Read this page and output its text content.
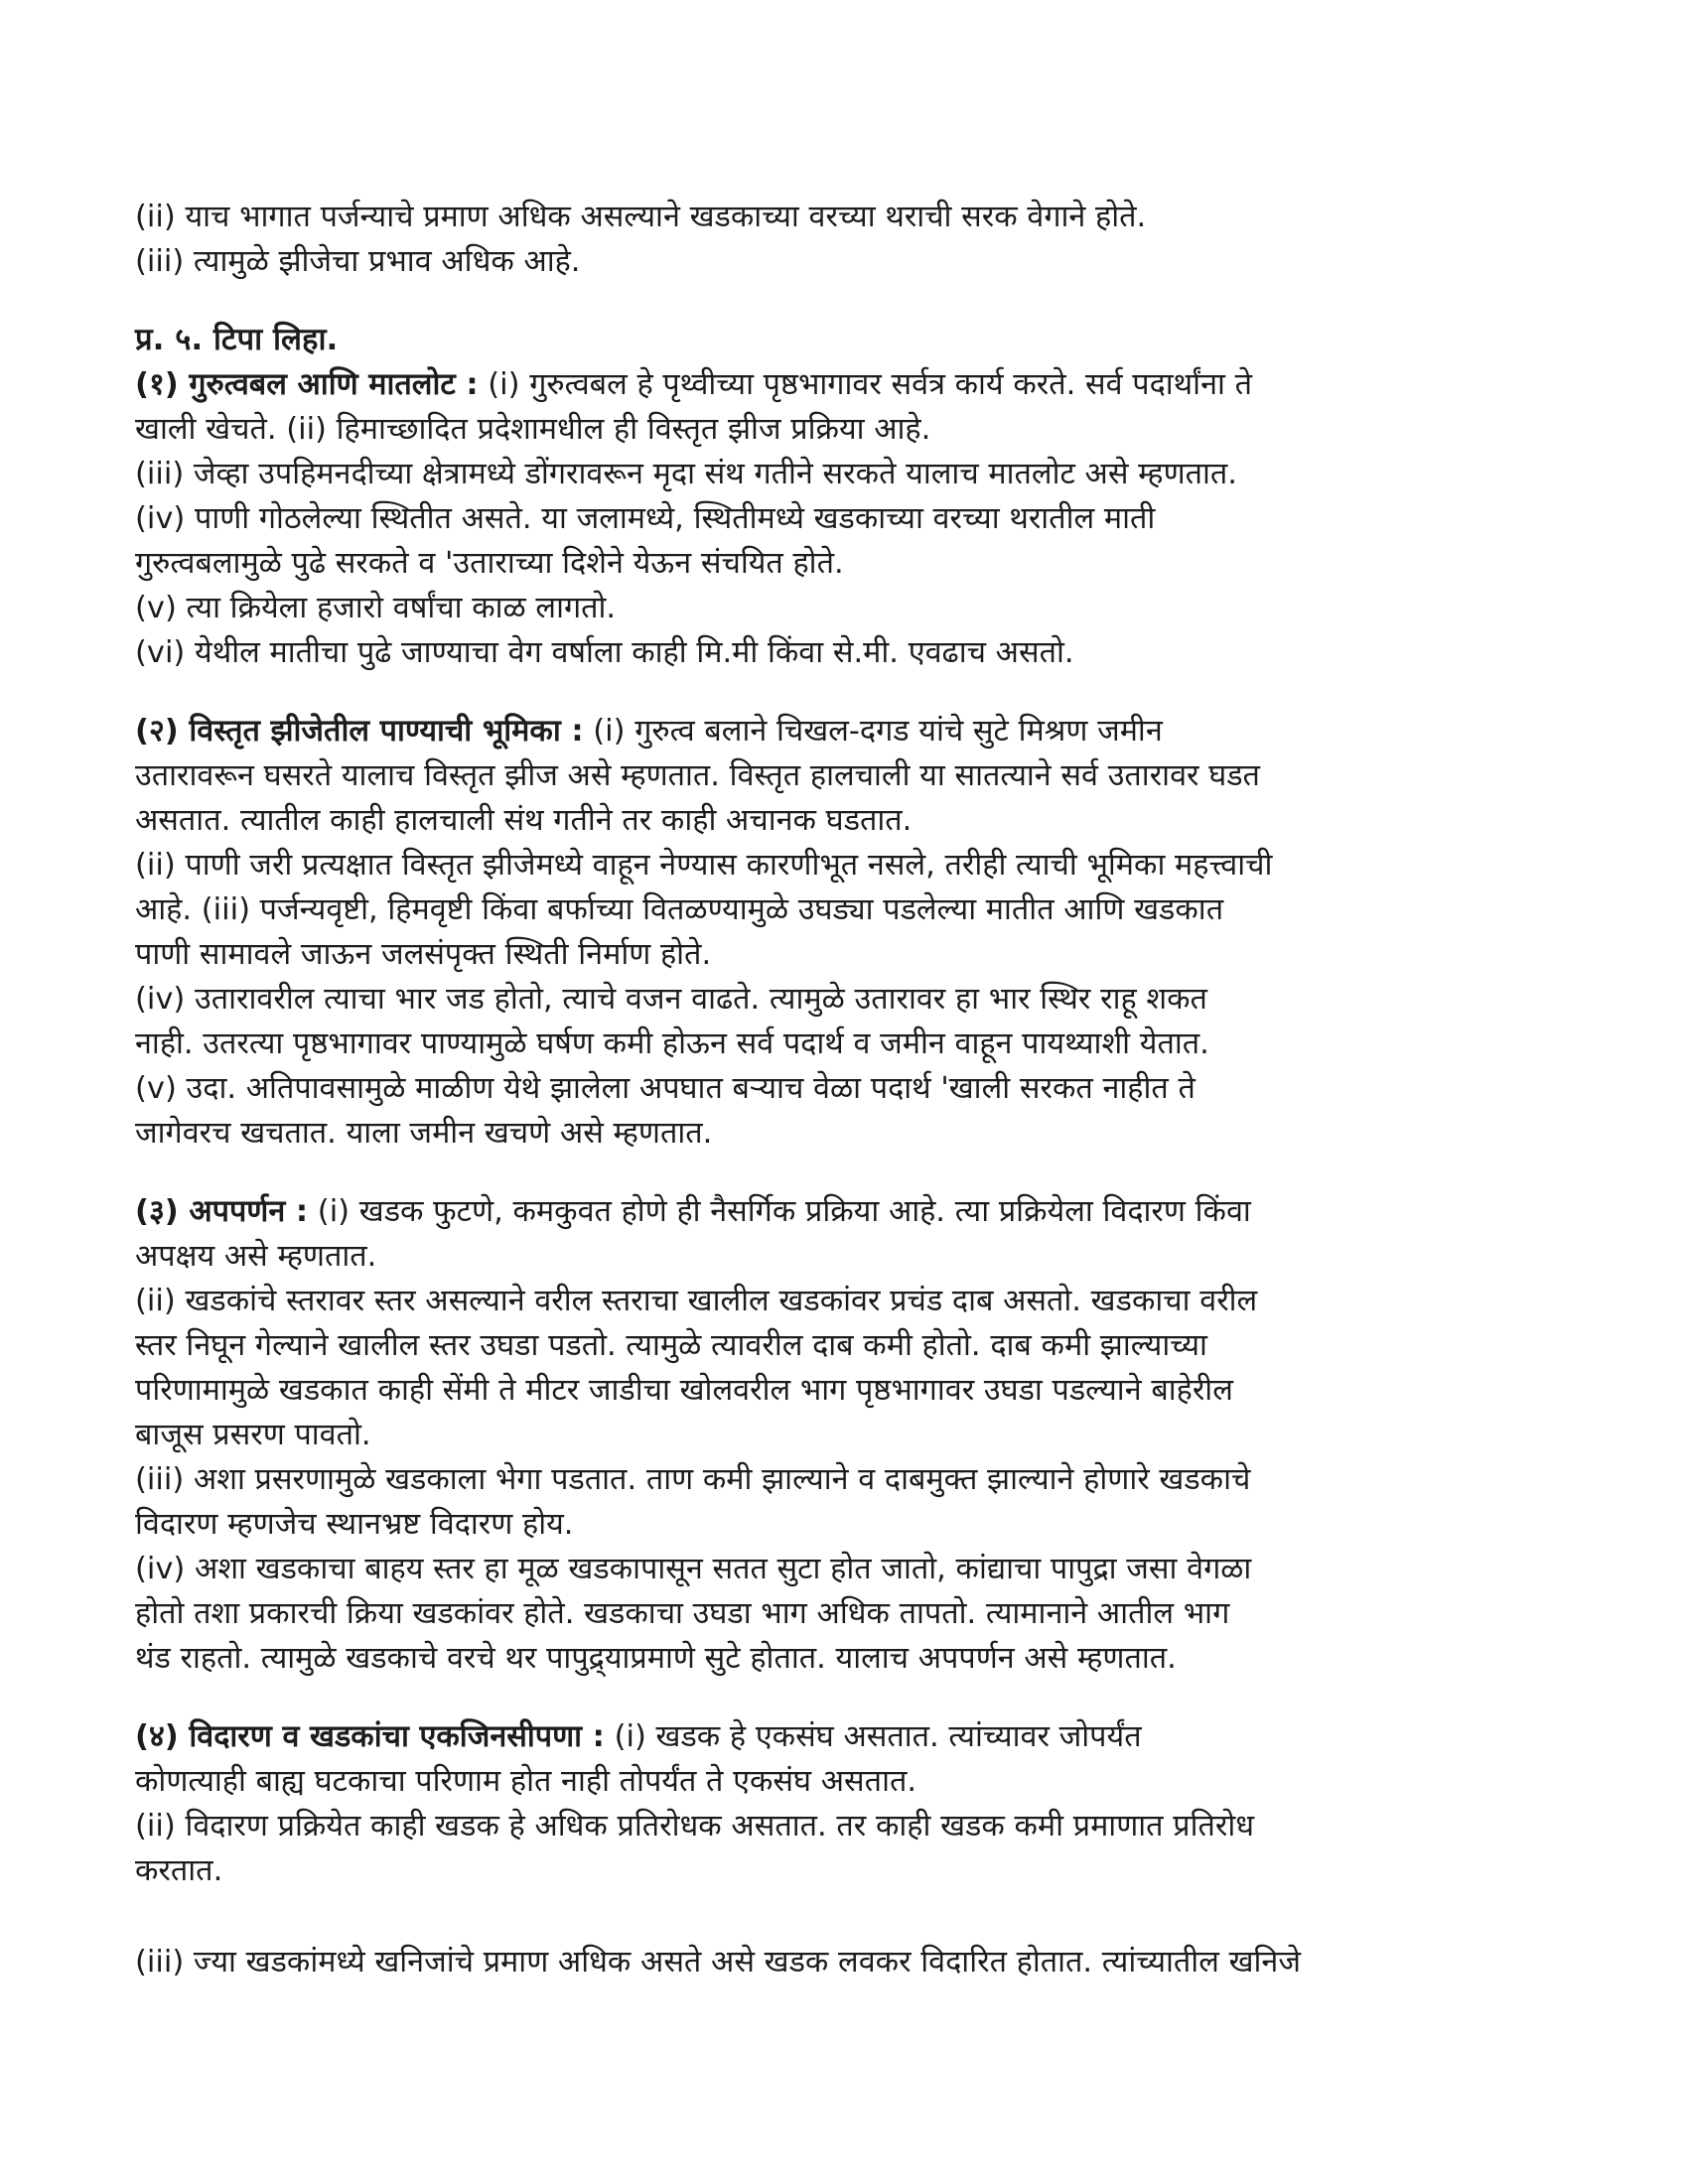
(ii) याच भागात पर्जन्याचे प्रमाण अधिक असल्याने खडकाच्या वरच्या थराची सरक वेगाने होते.
(iii) त्यामुळे झीजेचा प्रभाव अधिक आहे.
प्र. ५. टिपा लिहा.
(१) गुरुत्वबल आणि मातलोट : (i) गुरुत्वबल हे पृथ्वीच्या पृष्ठभागावर सर्वत्र कार्य करते. सर्व पदार्थांना ते
खाली खेचते. (ii) हिमाच्छादित प्रदेशामधील ही विस्तृत झीज प्रक्रिया आहे.
(iii) जेव्हा उपहिमनदीच्या क्षेत्रामध्ये डोंगरावरून मृदा संथ गतीने सरकते यालाच मातलोट असे म्हणतात.
(iv) पाणी गोठलेल्या स्थितीत असते. या जलामध्ये, स्थितीमध्ये खडकाच्या वरच्या थरातील माती
गुरुत्वबलामुळे पुढे सरकते व 'उताराच्या दिशेने येऊन संचयित होते.
(v) त्या क्रियेला हजारो वर्षांचा काळ लागतो.
(vi) येथील मातीचा पुढे जाण्याचा वेग वर्षाला काही मि.मी किंवा से.मी. एवढाच असतो.
(२) विस्तृत झीजेतील पाण्याची भूमिका : (i) गुरुत्व बलाने चिखल-दगड यांचे सुटे मिश्रण जमीन
उतारावरून घसरते यालाच विस्तृत झीज असे म्हणतात. विस्तृत हालचाली या सातत्याने सर्व उतारावर घडत
असतात. त्यातील काही हालचाली संथ गतीने तर काही अचानक घडतात.
(ii) पाणी जरी प्रत्यक्षात विस्तृत झीजेमध्ये वाहून नेण्यास कारणीभूत नसले, तरीही त्याची भूमिका महत्त्वाची
आहे. (iii) पर्जन्यवृष्टी, हिमवृष्टी किंवा बर्फाच्या वितळण्यामुळे उघड्या पडलेल्या मातीत आणि खडकात
पाणी सामावले जाऊन जलसंपृक्त स्थिती निर्माण होते.
(iv) उतारावरील त्याचा भार जड होतो, त्याचे वजन वाढते. त्यामुळे उतारावर हा भार स्थिर राहू शकत
नाही. उतरत्या पृष्ठभागावर पाण्यामुळे घर्षण कमी होऊन सर्व पदार्थ व जमीन वाहून पायथ्याशी येतात.
(v) उदा. अतिपावसामुळे माळीण येथे झालेला अपघात बऱ्याच वेळा पदार्थ 'खाली सरकत नाहीत ते
जागेवरच खचतात. याला जमीन खचणे असे म्हणतात.
(३) अपपर्णन : (i) खडक फुटणे, कमकुवत होणे ही नैसर्गिक प्रक्रिया आहे. त्या प्रक्रियेला विदारण किंवा
अपक्षय असे म्हणतात.
(ii) खडकांचे स्तरावर स्तर असल्याने वरील स्तराचा खालील खडकांवर प्रचंड दाब असतो. खडकाचा वरील
स्तर निघून गेल्याने खालील स्तर उघडा पडतो. त्यामुळे त्यावरील दाब कमी होतो. दाब कमी झाल्याच्या
परिणामामुळे खडकात काही सेंमी ते मीटर जाडीचा खोलवरील भाग पृष्ठभागावर उघडा पडल्याने बाहेरील
बाजूस प्रसरण पावतो.
(iii) अशा प्रसरणामुळे खडकाला भेगा पडतात. ताण कमी झाल्याने व दाबमुक्त झाल्याने होणारे खडकाचे
विदारण म्हणजेच स्थानभ्रष्ट विदारण होय.
(iv) अशा खडकाचा बाहय स्तर हा मूळ खडकापासून सतत सुटा होत जातो, कांद्याचा पापुद्रा जसा वेगळा
होतो तशा प्रकारची क्रिया खडकांवर होते. खडकाचा उघडा भाग अधिक तापतो. त्यामानाने आतील भाग
थंड राहतो. त्यामुळे खडकाचे वरचे थर पापुद्र्याप्रमाणे सुटे होतात. यालाच अपपर्णन असे म्हणतात.
(४) विदारण व खडकांचा एकजिनसीपणा : (i) खडक हे एकसंघ असतात. त्यांच्यावर जोपर्यंत
कोणत्याही बाह्य घटकाचा परिणाम होत नाही तोपर्यंत ते एकसंघ असतात.
(ii) विदारण प्रक्रियेत काही खडक हे अधिक प्रतिरोधक असतात. तर काही खडक कमी प्रमाणात प्रतिरोध
करतात.
(iii) ज्या खडकांमध्ये खनिजांचे प्रमाण अधिक असते असे खडक लवकर विदारित होतात. त्यांच्यातील खनिजे
